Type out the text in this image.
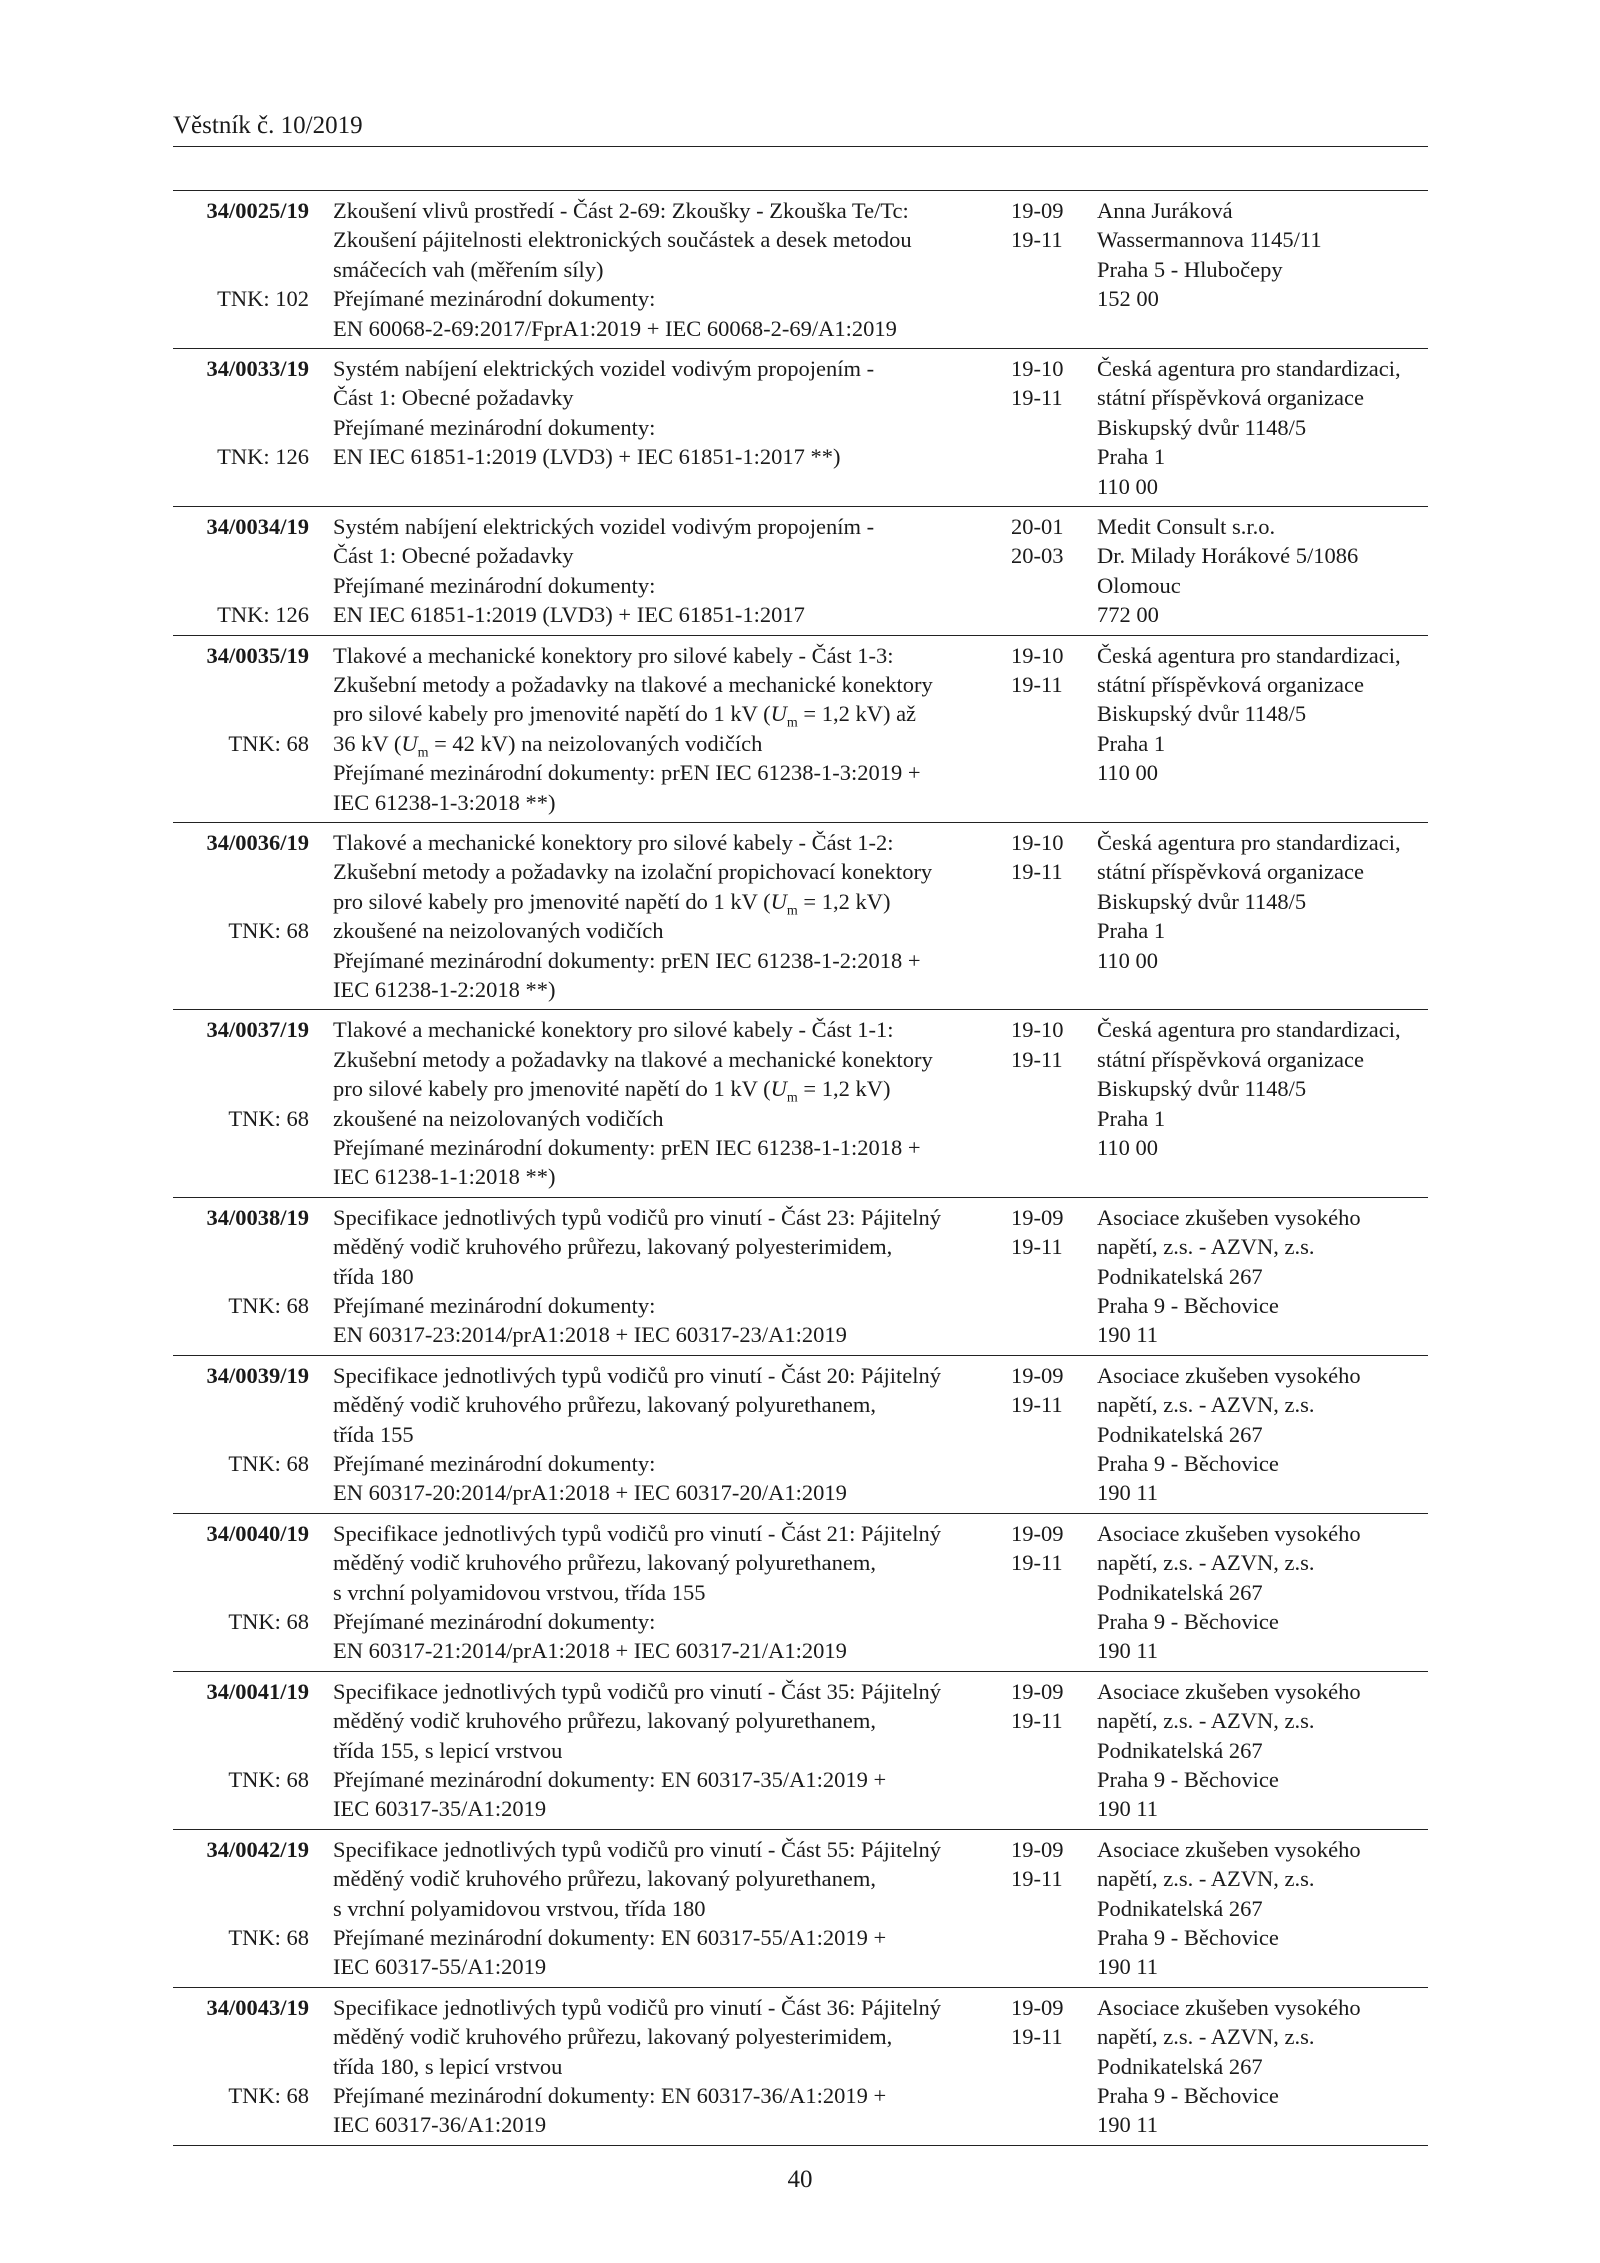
Věstník č. 10/2019
34/0025/19
TNK: 102
Zkoušení vlivů prostředí - Část 2-69: Zkoušky - Zkouška Te/Tc:
Zkoušení pájitelnosti elektronických součástek a desek metodou
smáčecích vah (měřením síly)
Přejímané mezinárodní dokumenty:
EN 60068-2-69:2017/FprA1:2019 + IEC 60068-2-69/A1:2019
19-09
19-11
Anna Juráková
Wassermannova 1145/11
Praha 5 - Hlubočepy
152 00
34/0033/19
TNK: 126
Systém nabíjení elektrických vozidel vodivým propojením -
Část 1: Obecné požadavky
Přejímané mezinárodní dokumenty:
EN IEC 61851-1:2019 (LVD3) + IEC 61851-1:2017 **)
19-10
19-11
Česká agentura pro standardizaci,
státní příspěvková organizace
Biskupský dvůr 1148/5
Praha 1
110 00
34/0034/19
TNK: 126
Systém nabíjení elektrických vozidel vodivým propojením -
Část 1: Obecné požadavky
Přejímané mezinárodní dokumenty:
EN IEC 61851-1:2019 (LVD3) + IEC 61851-1:2017
20-01
20-03
Medit Consult s.r.o.
Dr. Milady Horákové 5/1086
Olomouc
772 00
34/0035/19
TNK: 68
Tlakové a mechanické konektory pro silové kabely - Část 1-3:
Zkušební metody a požadavky na tlakové a mechanické konektory
pro silové kabely pro jmenovité napětí do 1 kV ($U_m = 1,2$ kV) až
36 kV ($U_m = 42$ kV) na neizolovaných vodičích
Přejímané mezinárodní dokumenty: prEN IEC 61238-1-3:2019 +
IEC 61238-1-3:2018 **)
19-10
19-11
Česká agentura pro standardizaci,
státní příspěvková organizace
Biskupský dvůr 1148/5
Praha 1
110 00
34/0036/19
TNK: 68
Tlakové a mechanické konektory pro silové kabely - Část 1-2:
Zkušební metody a požadavky na izolační propichovací konektory
pro silové kabely pro jmenovité napětí do 1 kV ($U_m = 1,2$ kV)
zkoušené na neizolovaných vodičích
Přejímané mezinárodní dokumenty: prEN IEC 61238-1-2:2018 +
IEC 61238-1-2:2018 **)
19-10
19-11
Česká agentura pro standardizaci,
státní příspěvková organizace
Biskupský dvůr 1148/5
Praha 1
110 00
34/0037/19
TNK: 68
Tlakové a mechanické konektory pro silové kabely - Část 1-1:
Zkušební metody a požadavky na tlakové a mechanické konektory
pro silové kabely pro jmenovité napětí do 1 kV ($U_m = 1,2$ kV)
zkoušené na neizolovaných vodičích
Přejímané mezinárodní dokumenty: prEN IEC 61238-1-1:2018 +
IEC 61238-1-1:2018 **)
19-10
19-11
Česká agentura pro standardizaci,
státní příspěvková organizace
Biskupský dvůr 1148/5
Praha 1
110 00
34/0038/19
TNK: 68
Specifikace jednotlivých typů vodičů pro vinutí - Část 23: Pájitelný
měděný vodič kruhového průřezu, lakovaný polyesterimidem,
třída 180
Přejímané mezinárodní dokumenty:
EN 60317-23:2014/prA1:2018 + IEC 60317-23/A1:2019
19-09
19-11
Asociace zkušeben vysokého
napětí, z.s. - AZVN, z.s.
Podnikatelská 267
Praha 9 - Běchovice
190 11
34/0039/19
TNK: 68
Specifikace jednotlivých typů vodičů pro vinutí - Část 20: Pájitelný
měděný vodič kruhového průřezu, lakovaný polyurethanem,
třída 155
Přejímané mezinárodní dokumenty:
EN 60317-20:2014/prA1:2018 + IEC 60317-20/A1:2019
19-09
19-11
Asociace zkušeben vysokého
napětí, z.s. - AZVN, z.s.
Podnikatelská 267
Praha 9 - Běchovice
190 11
34/0040/19
TNK: 68
Specifikace jednotlivých typů vodičů pro vinutí - Část 21: Pájitelný
měděný vodič kruhového průřezu, lakovaný polyurethanem,
s vrchní polyamidovou vrstvou, třída 155
Přejímané mezinárodní dokumenty:
EN 60317-21:2014/prA1:2018 + IEC 60317-21/A1:2019
19-09
19-11
Asociace zkušeben vysokého
napětí, z.s. - AZVN, z.s.
Podnikatelská 267
Praha 9 - Běchovice
190 11
34/0041/19
TNK: 68
Specifikace jednotlivých typů vodičů pro vinutí - Část 35: Pájitelný
měděný vodič kruhového průřezu, lakovaný polyurethanem,
třída 155, s lepicí vrstvou
Přejímané mezinárodní dokumenty: EN 60317-35/A1:2019 +
IEC 60317-35/A1:2019
19-09
19-11
Asociace zkušeben vysokého
napětí, z.s. - AZVN, z.s.
Podnikatelská 267
Praha 9 - Běchovice
190 11
34/0042/19
TNK: 68
Specifikace jednotlivých typů vodičů pro vinutí - Část 55: Pájitelný
měděný vodič kruhového průřezu, lakovaný polyurethanem,
s vrchní polyamidovou vrstvou, třída 180
Přejímané mezinárodní dokumenty: EN 60317-55/A1:2019 +
IEC 60317-55/A1:2019
19-09
19-11
Asociace zkušeben vysokého
napětí, z.s. - AZVN, z.s.
Podnikatelská 267
Praha 9 - Běchovice
190 11
34/0043/19
TNK: 68
Specifikace jednotlivých typů vodičů pro vinutí - Část 36: Pájitelný
měděný vodič kruhového průřezu, lakovaný polyesterimidem,
třída 180, s lepicí vrstvou
Přejímané mezinárodní dokumenty: EN 60317-36/A1:2019 +
IEC 60317-36/A1:2019
19-09
19-11
Asociace zkušeben vysokého
napětí, z.s. - AZVN, z.s.
Podnikatelská 267
Praha 9 - Běchovice
190 11
40
